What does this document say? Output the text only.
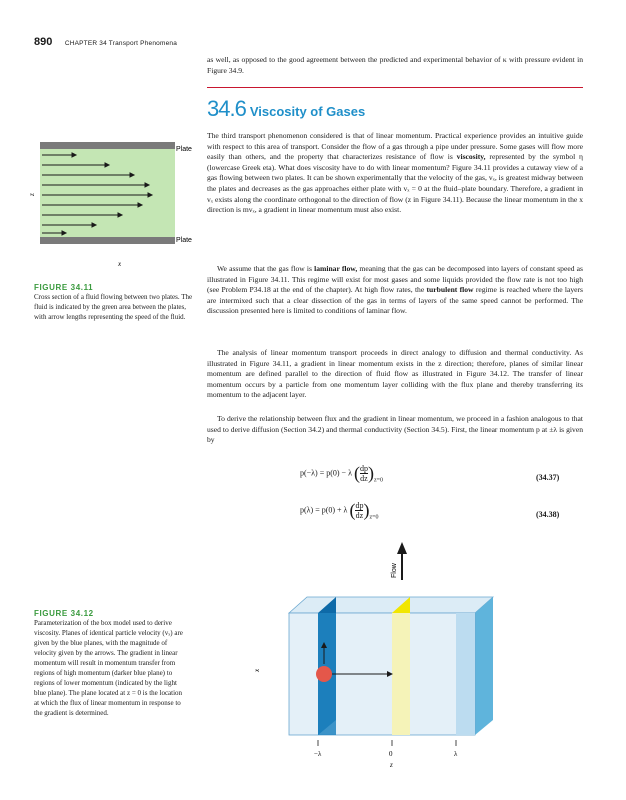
890 CHAPTER 34 Transport Phenomena
as well, as opposed to the good agreement between the predicted and experimental behavior of κ with pressure evident in Figure 34.9.
34.6 Viscosity of Gases

The third transport phenomenon considered is that of linear momentum. Practical experience provides an intuitive guide with respect to this area of transport. Consider the flow of a gas through a pipe under pressure. Some gases will flow more easily than others, and the property that characterizes resistance of flow is viscosity, represented by the symbol η (lowercase Greek eta). What does viscosity have to do with linear momentum? Figure 34.11 provides a cutaway view of a gas flowing between two plates. It can be shown experimentally that the velocity of the gas, vₓ, is greatest midway between the plates and decreases as the gas approaches either plate with vₓ = 0 at the fluid–plate boundary. Therefore, a gradient in vₓ exists along the coordinate orthogonal to the direction of flow (z in Figure 34.11). Because the linear momentum in the x direction is mvₓ, a gradient in linear momentum must also exist.

We assume that the gas flow is laminar flow, meaning that the gas can be decomposed into layers of constant speed as illustrated in Figure 34.11. This regime will exist for most gases and some liquids provided the flow rate is not too high (see Problem P34.18 at the end of the chapter). At high flow rates, the turbulent flow regime is reached where the layers are intermixed such that a clear dissection of the gas in terms of layers of the same speed cannot be performed. The discussion presented here is limited to conditions of laminar flow.

The analysis of linear momentum transport proceeds in direct analogy to diffusion and thermal conductivity. As illustrated in Figure 34.11, a gradient in linear momentum exists in the z direction; therefore, planes of similar linear momentum are defined parallel to the direction of fluid flow as illustrated in Figure 34.12. The transfer of linear momentum occurs by a particle from one momentum layer colliding with the flux plane and thereby transferring its momentum to the adjacent layer.

To derive the relationship between flux and the gradient in linear momentum, we proceed in a fashion analogous to that used to derive diffusion (Section 34.2) and thermal conductivity (Section 34.5). First, the linear momentum p at ±λ is given by

p(−λ) = p(0) − λ ( $\frac{dp}{dz} )_{z=0}$	(34.37)
p(λ) = p(0) + λ ( $\frac{dp}{dz} )_{z=0}$	(34.38)
Plate
Plate
z
x
FIGURE 34.11
Cross section of a fluid flowing between two plates. The fluid is indicated by the green area between the plates, with arrow lengths representing the speed of the fluid.
Flow
x
−λ	0	λ
z
FIGURE 34.12
Parameterization of the box model used to derive viscosity. Planes of identical particle velocity (vₓ) are given by the blue planes, with the magnitude of velocity given by the arrows. The gradient in linear momentum will result in momentum transfer from regions of high momentum (darker blue plane) to regions of lower momentum (indicated by the light blue plane). The plane located at z = 0 is the location at which the flux of linear momentum in response to the gradient is determined.
